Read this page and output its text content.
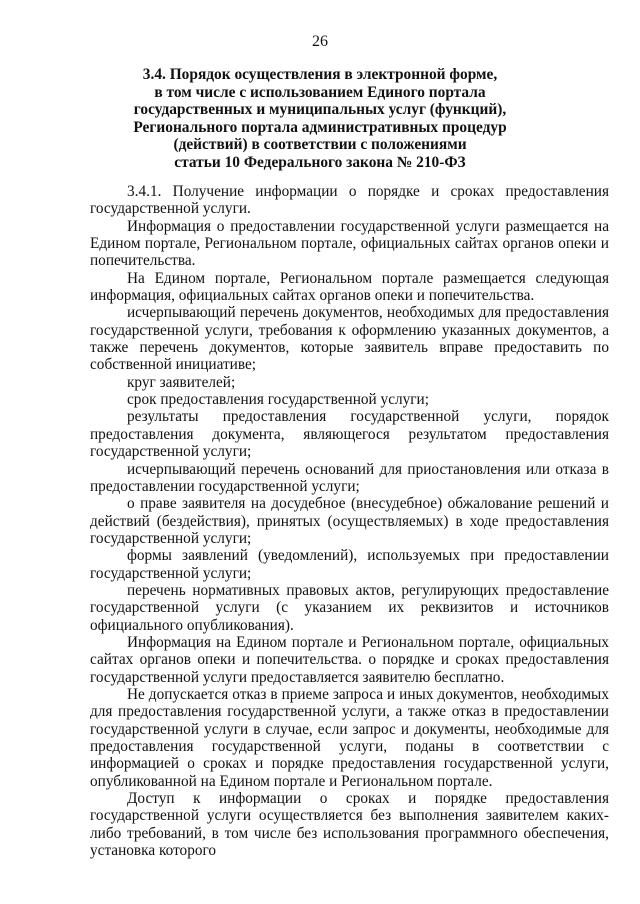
26
3.4. Порядок осуществления в электронной форме,
в том числе с использованием Единого портала
государственных и муниципальных услуг (функций),
Регионального портала административных процедур
(действий) в соответствии с положениями
статьи 10 Федерального закона № 210-ФЗ

3.4.1. Получение информации о порядке и сроках предоставления государственной услуги.

Информация о предоставлении государственной услуги размещается на Едином портале, Региональном портале, официальных сайтах органов опеки и попечительства.

На Едином портале, Региональном портале размещается следующая информация, официальных сайтах органов опеки и попечительства.

исчерпывающий перечень документов, необходимых для предоставления государственной услуги, требования к оформлению указанных документов, а также перечень документов, которые заявитель вправе предоставить по собственной инициативе;

круг заявителей;

срок предоставления государственной услуги;

результаты предоставления государственной услуги, порядок предоставления документа, являющегося результатом предоставления государственной услуги;

исчерпывающий перечень оснований для приостановления или отказа в предоставлении государственной услуги;

о праве заявителя на досудебное (внесудебное) обжалование решений и действий (бездействия), принятых (осуществляемых) в ходе предоставления государственной услуги;

формы заявлений (уведомлений), используемых при предоставлении государственной услуги;

перечень нормативных правовых актов, регулирующих предоставление государственной услуги (с указанием их реквизитов и источников официального опубликования).

Информация на Едином портале и Региональном портале, официальных сайтах органов опеки и попечительства. о порядке и сроках предоставления государственной услуги предоставляется заявителю бесплатно.

Не допускается отказ в приеме запроса и иных документов, необходимых для предоставления государственной услуги, а также отказ в предоставлении государственной услуги в случае, если запрос и документы, необходимые для предоставления государственной услуги, поданы в соответствии с информацией о сроках и порядке предоставления государственной услуги, опубликованной на Едином портале и Региональном портале.

Доступ к информации о сроках и порядке предоставления государственной услуги осуществляется без выполнения заявителем каких-либо требований, в том числе без использования программного обеспечения, установка которого
